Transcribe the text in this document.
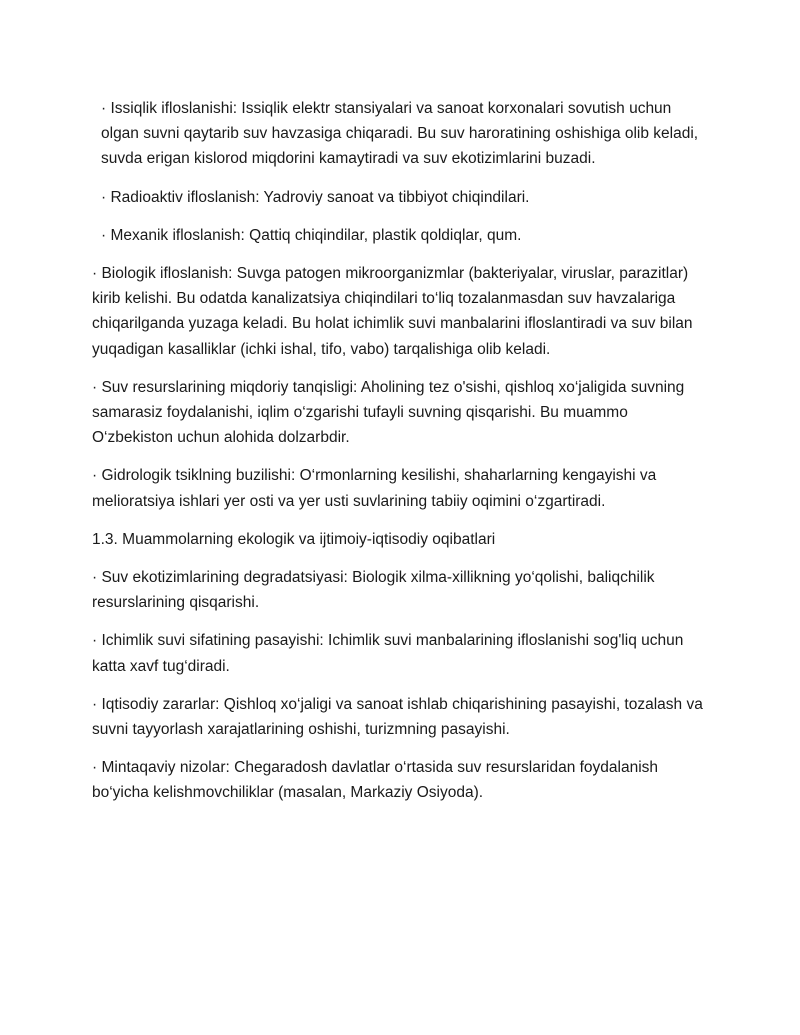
· Issiqlik ifloslanishi: Issiqlik elektr stansiyalari va sanoat korxonalari sovutish uchun olgan suvni qaytarib suv havzasiga chiqaradi. Bu suv haroratining oshishiga olib keladi, suvda erigan kislorod miqdorini kamaytiradi va suv ekotizimlarini buzadi.

· Radioaktiv ifloslanish: Yadroviy sanoat va tibbiyot chiqindilari.

· Mexanik ifloslanish: Qattiq chiqindilar, plastik qoldiqlar, qum.

· Biologik ifloslanish: Suvga patogen mikroorganizmlar (bakteriyalar, viruslar, parazitlar) kirib kelishi. Bu odatda kanalizatsiya chiqindilari to‘liq tozalanmasdan suv havzalariga chiqarilganda yuzaga keladi. Bu holat ichimlik suvi manbalarini ifloslantiradi va suv bilan yuqadigan kasalliklar (ichki ishal, tifo, vabo) tarqalishiga olib keladi.

· Suv resurslarining miqdoriy tanqisligi: Aholining tez o'sishi, qishloq xo‘jaligida suvning samarasiz foydalanishi, iqlim o‘zgarishi tufayli suvning qisqarishi. Bu muammo O‘zbekiston uchun alohida dolzarbdir.

· Gidrologik tsiklning buzilishi: O‘rmonlarning kesilishi, shaharlarning kengayishi va melioratsiya ishlari yer osti va yer usti suvlarining tabiiy oqimini o‘zgartiradi.

1.3. Muammolarning ekologik va ijtimoiy-iqtisodiy oqibatlari

· Suv ekotizimlarining degradatsiyasi: Biologik xilma-xillikning yo‘qolishi, baliqchilik resurslarining qisqarishi.

· Ichimlik suvi sifatining pasayishi: Ichimlik suvi manbalarining ifloslanishi sog'liq uchun katta xavf tug‘diradi.

· Iqtisodiy zararlar: Qishloq xo‘jaligi va sanoat ishlab chiqarishining pasayishi, tozalash va suvni tayyorlash xarajatlarining oshishi, turizmning pasayishi.

· Mintaqaviy nizolar: Chegaradosh davlatlar o‘rtasida suv resurslaridan foydalanish bo‘yicha kelishmovchiliklar (masalan, Markaziy Osiyoda).
